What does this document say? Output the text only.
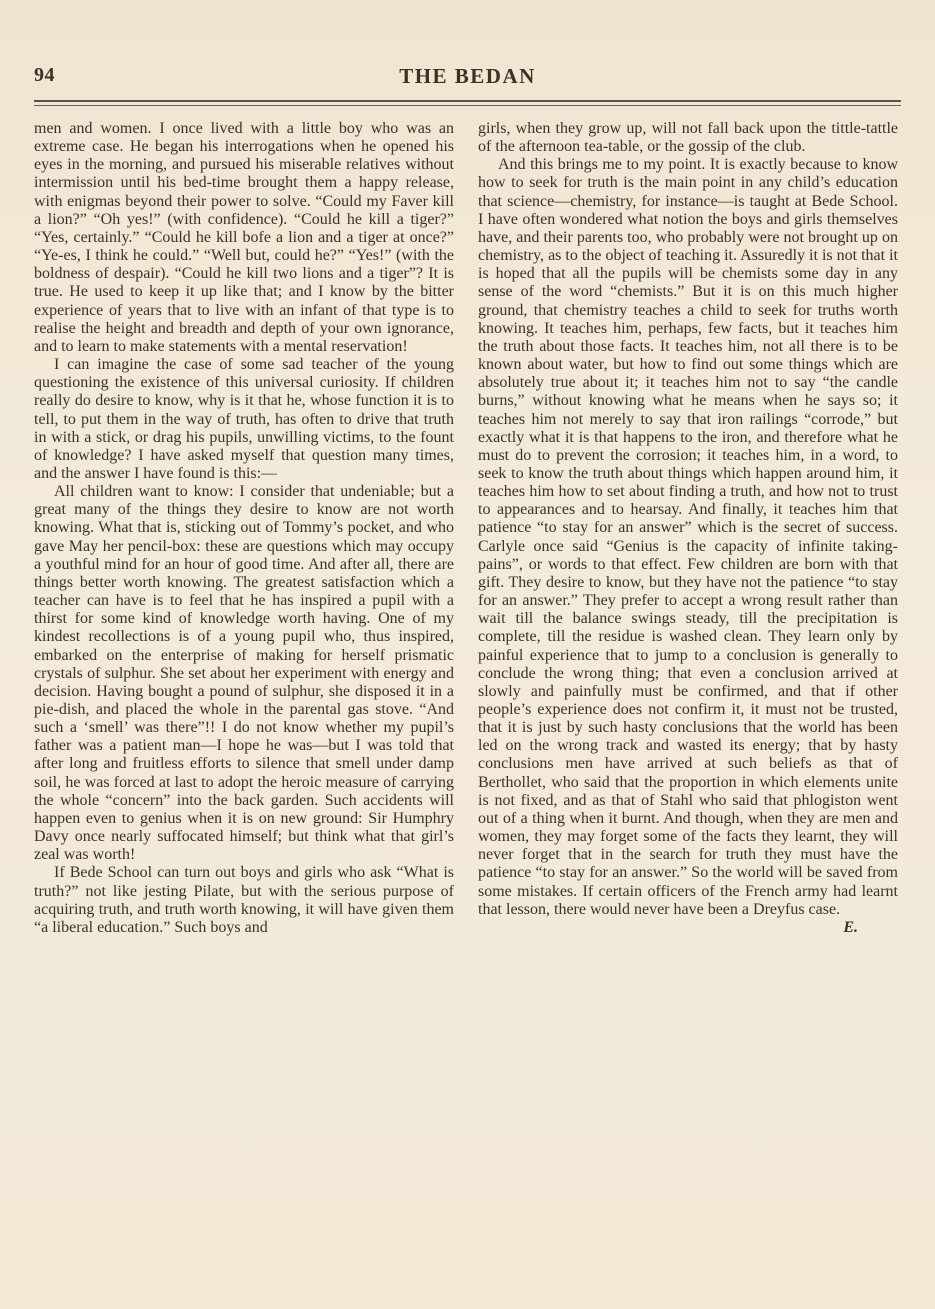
94	THE BEDAN

men and women. I once lived with a little boy who was an extreme case. He began his interrogations when he opened his eyes in the morning, and pursued his miserable relatives without intermission until his bed-time brought them a happy release, with enigmas beyond their power to solve. “Could my Faver kill a lion?” “Oh yes!” (with confidence). “Could he kill a tiger?” “Yes, certainly.” “Could he kill bofe a lion and a tiger at once?” “Ye-es, I think he could.” “Well but, could he?” “Yes!” (with the boldness of despair). “Could he kill two lions and a tiger”? It is true. He used to keep it up like that; and I know by the bitter experience of years that to live with an infant of that type is to realise the height and breadth and depth of your own ignorance, and to learn to make statements with a mental reservation!

I can imagine the case of some sad teacher of the young questioning the existence of this universal curiosity. If children really do desire to know, why is it that he, whose function it is to tell, to put them in the way of truth, has often to drive that truth in with a stick, or drag his pupils, unwilling victims, to the fount of knowledge? I have asked myself that question many times, and the answer I have found is this:—

All children want to know: I consider that undeniable; but a great many of the things they desire to know are not worth knowing. What that is, sticking out of Tommy’s pocket, and who gave May her pencil-box: these are questions which may occupy a youthful mind for an hour of good time. And after all, there are things better worth knowing. The greatest satisfaction which a teacher can have is to feel that he has inspired a pupil with a thirst for some kind of knowledge worth having. One of my kindest recollections is of a young pupil who, thus inspired, embarked on the enterprise of making for herself prismatic crystals of sulphur. She set about her experiment with energy and decision. Having bought a pound of sulphur, she disposed it in a pie-dish, and placed the whole in the parental gas stove. “And such a ‘smell’ was there”!! I do not know whether my pupil’s father was a patient man—I hope he was—but I was told that after long and fruitless efforts to silence that smell under damp soil, he was forced at last to adopt the heroic measure of carrying the whole “concern” into the back garden. Such accidents will happen even to genius when it is on new ground: Sir Humphry Davy once nearly suffocated himself; but think what that girl’s zeal was worth!

If Bede School can turn out boys and girls who ask “What is truth?” not like jesting Pilate, but with the serious purpose of acquiring truth, and truth worth knowing, it will have given them “a liberal education.” Such boys and

girls, when they grow up, will not fall back upon the tittle-tattle of the afternoon tea-table, or the gossip of the club.

And this brings me to my point. It is exactly because to know how to seek for truth is the main point in any child’s education that science—chemistry, for instance—is taught at Bede School. I have often wondered what notion the boys and girls themselves have, and their parents too, who probably were not brought up on chemistry, as to the object of teaching it. Assuredly it is not that it is hoped that all the pupils will be chemists some day in any sense of the word “chemists.” But it is on this much higher ground, that chemistry teaches a child to seek for truths worth knowing. It teaches him, perhaps, few facts, but it teaches him the truth about those facts. It teaches him, not all there is to be known about water, but how to find out some things which are absolutely true about it; it teaches him not to say “the candle burns,” without knowing what he means when he says so; it teaches him not merely to say that iron railings “corrode,” but exactly what it is that happens to the iron, and therefore what he must do to prevent the corrosion; it teaches him, in a word, to seek to know the truth about things which happen around him, it teaches him how to set about finding a truth, and how not to trust to appearances and to hearsay. And finally, it teaches him that patience “to stay for an answer” which is the secret of success. Carlyle once said “Genius is the capacity of infinite taking-pains”, or words to that effect. Few children are born with that gift. They desire to know, but they have not the patience “to stay for an answer.” They prefer to accept a wrong result rather than wait till the balance swings steady, till the precipitation is complete, till the residue is washed clean. They learn only by painful experience that to jump to a conclusion is generally to conclude the wrong thing; that even a conclusion arrived at slowly and painfully must be confirmed, and that if other people’s experience does not confirm it, it must not be trusted, that it is just by such hasty conclusions that the world has been led on the wrong track and wasted its energy; that by hasty conclusions men have arrived at such beliefs as that of Berthollet, who said that the proportion in which elements unite is not fixed, and as that of Stahl who said that phlogiston went out of a thing when it burnt. And though, when they are men and women, they may forget some of the facts they learnt, they will never forget that in the search for truth they must have the patience “to stay for an answer.” So the world will be saved from some mistakes. If certain officers of the French army had learnt that lesson, there would never have been a Dreyfus case.
E.
